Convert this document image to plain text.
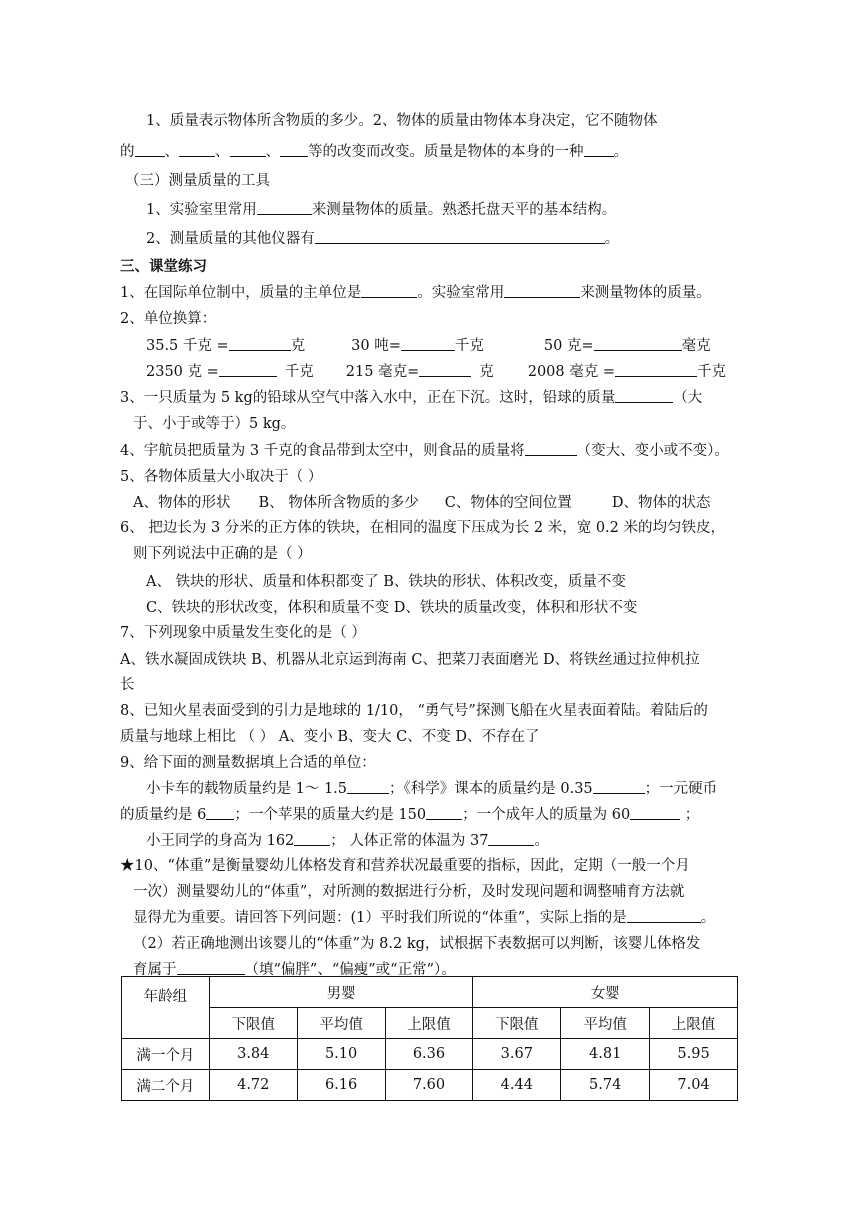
1、质量表示物体所含物质的多少。2、物体的质量由物体本身决定，它不随物体
的 、 、 、 等的改变而改变。质量是物体的本身的一种 。
（三）测量质量的工具
1、实验室里常用	来测量物体的质量。熟悉托盘天平的基本结构。
2、测量质量的其他仪器有	。
三、课堂练习
1、在国际单位制中，质量的主单位是	。实验室常用	来测量物体的质量。
2、单位换算：
35.5 千克 =	克	30 吨=	千克	50 克=	毫克
2350 克 =	千克 215 毫克=	克 2008 毫克 =	千克
3、一只质量为 5 kg的铅球从空气中落入水中，正在下沉。这时，铅球的质量	（大
于、小于或等于）5 kg。
4、宇航员把质量为 3 千克的食品带到太空中，则食品的质量将	（变大、变小或不变）。
5、各物体质量大小取决于（ ）
A、物体的形状 B、 物体所含物质的多少 C、物体的空间位置	D、物体的状态
6、 把边长为 3 分米的正方体的铁块，在相同的温度下压成为长 2 米，宽 0.2 米的均匀铁皮，
则下列说法中正确的是（ ）
A、 铁块的形状、质量和体积都变了 B、铁块的形状、体积改变，质量不变
C、铁块的形状改变，体积和质量不变 D、铁块的质量改变，体积和形状不变
7、下列现象中质量发生变化的是（ ）
A、铁水凝固成铁块 B、机器从北京运到海南 C、把菜刀表面磨光 D、将铁丝通过拉伸机拉
长
8、已知火星表面受到的引力是地球的 1/10， “勇气号”探测飞船在火星表面着陆。着陆后的
质量与地球上相比 （ ） A、变小 B、变大 C、不变 D、不存在了
9、给下面的测量数据填上合适的单位：
小卡车的载物质量约是 1～ 1.5	；《科学》课本的质量约是 0.35	；一元硬币
的质量约是 6 ；一个苹果的质量大约是 150 ；一个成年人的质量为 60	；
小王同学的身高为 162 ； 人体正常的体温为 37	。
★10、“体重”是衡量婴幼儿体格发育和营养状况最重要的指标，因此，定期（一般一个月
一次）测量婴幼儿的“体重”，对所测的数据进行分析，及时发现问题和调整哺育方法就
显得尤为重要。请回答下列问题：(1）平时我们所说的“体重”，实际上指的是	。
（2）若正确地测出该婴儿的“体重”为 8.2 kg，试根据下表数据可以判断，该婴儿体格发
育属于	（填“偏胖”、“偏瘦”或“正常”）。
年龄组	男婴			女婴		
	下限值	平均值	上限值	下限值	平均值	上限值
满一个月	3.84	5.10	6.36	3.67	4.81	5.95
满二个月	4.72	6.16	7.60	4.44	5.74	7.04
